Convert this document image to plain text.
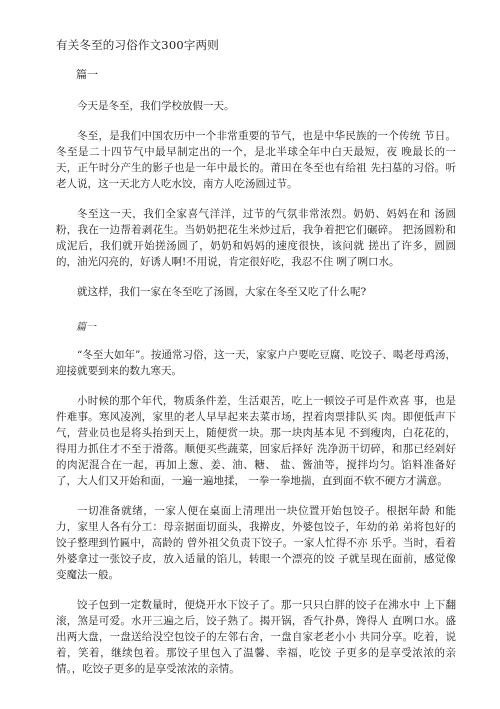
有关冬至的习俗作文300字两则
篇一

今天是冬至，我们学校放假一天。

冬至，是我们中国农历中一个非常重要的节气，也是中华民族的一个传统 节日。冬至是二十四节气中最早制定出的一个，是北半球全年中白天最短，夜 晚最长的一天，正午时分产生的影子也是一年中最长的。莆田在冬至也有给祖 先扫墓的习俗。听老人说，这一天北方人吃水饺，南方人吃汤圆过节。

冬至这一天，我们全家喜气洋洋，过节的气氛非常浓烈。奶奶、妈妈在和 汤圆粉，我在一边帮着剥花生。当奶奶把花生米炒过后，我争着把它们碾碎。 把汤圆粉和成泥后，我们就开始搓汤圆了，奶奶和妈妈的速度很快，该问就 搓出了许多，圆圆的，油光闪亮的，好诱人啊!不用说，肯定很好吃，我忍不住 咧了咧口水。

就这样，我们一家在冬至吃了汤圆，大家在冬至又吃了什么呢?

篇一

“冬至大如年”。按通常习俗，这一天，家家户户要吃豆腐、吃饺子、喝老母鸡汤，迎接就要到来的数九寒天。

小时候的那个年代，物质条件差，生活艰苦，吃上一顿饺子可是件欢喜 事，也是件难事。寒风凌冽，家里的老人早早起来去菜市场，捏着肉票排队买 肉。即便低声下气，营业员也是将头抬到天上，随便赏一块。那一块肉基本见 不到瘦肉，白花花的，得用力抓住才不至于滑落。顺便买些蔬菜，回家后择好 洗净沥干切碎，和那已经剁好的肉泥混合在一起，再加上葱、姜、油、糖、 盐、酱油等，搅拌均匀。馅料准备好了，大人们又开始和面，一遍一遍地揉， 一拳一拳地揣，直到面不软不硬方才满意。

一切准备就绪，一家人便在桌面上清理出一块位置开始包饺子。根据年龄 和能力，家里人各有分工：母亲据面切面头，我擀皮，外婆包饺子，年幼的弟 弟将包好的饺子整理到竹匾中，高龄的 曾外祖父负责下饺子。一家人忙得不亦 乐乎。当时，看着外婆拿过一张饺子皮，放入适量的馅儿，转眼一个漂亮的饺 子就呈现在面前，感觉像变魔法一般。

饺子包到一定数量时，便烧开水下饺子了。那一只只白胖的饺子在沸水中 上下翻滚，煞是可爱。水开三遍之后，饺子熟了。揭开锅，香气扑鼻，馋得人 直咧口水。盛出两大盘，一盘送给没空包饺子的左邻右舍，一盘自家老老小小 共同分享。吃着，说着，笑着，继续包着。那饺子里包入了温馨、幸福，吃饺 子更多的是享受浓浓的亲情。，吃饺子更多的是享受浓浓的亲情。
